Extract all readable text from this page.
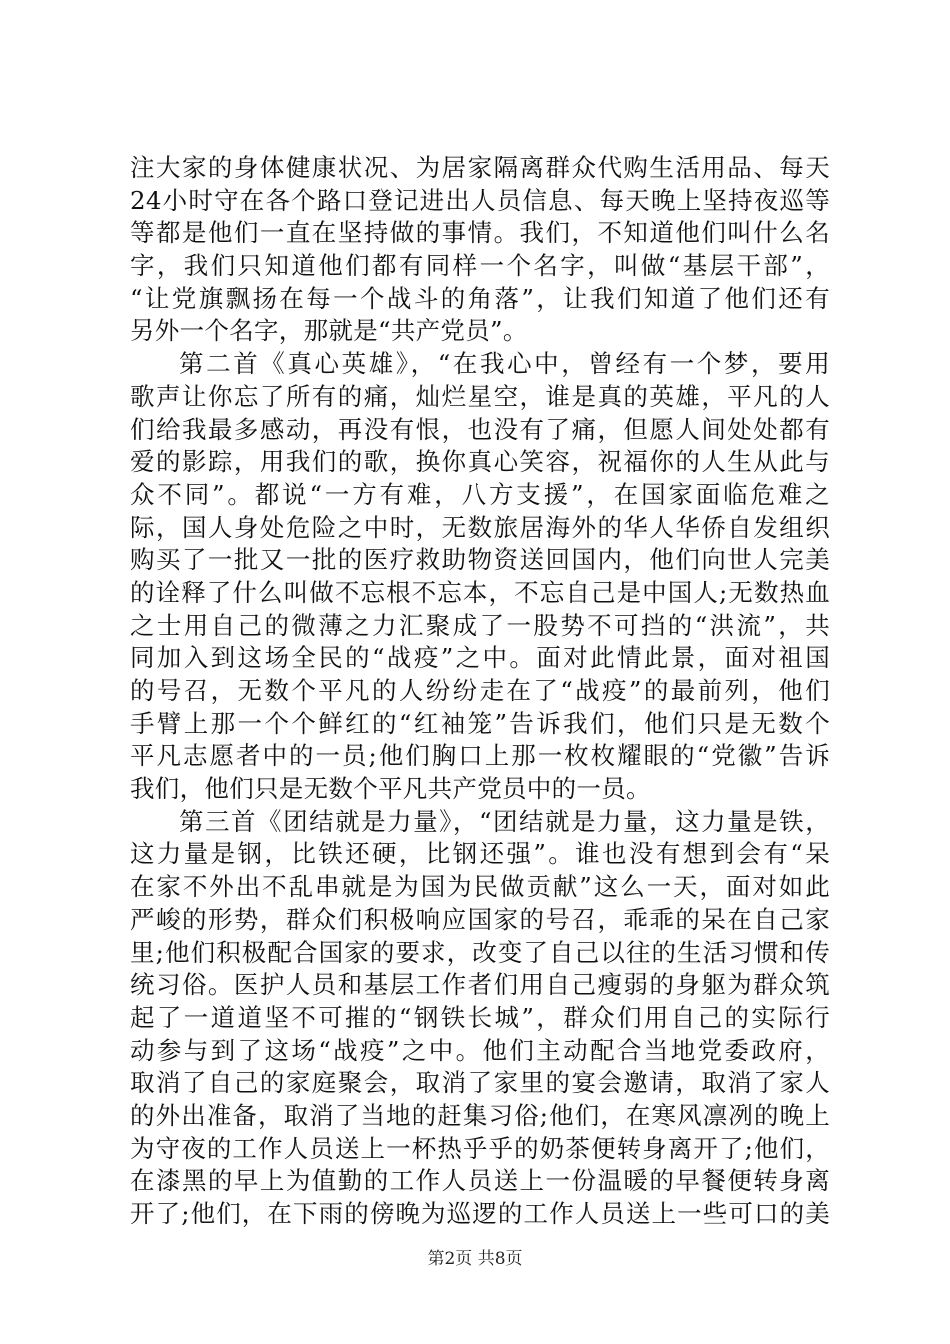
注大家的身体健康状况、为居家隔离群众代购生活用品、每天
24小时守在各个路口登记进出人员信息、每天晚上坚持夜巡等
等都是他们一直在坚持做的事情。我们，不知道他们叫什么名
字，我们只知道他们都有同样一个名字，叫做“基层干部”，
“让党旗飘扬在每一个战斗的角落”，让我们知道了他们还有
另外一个名字，那就是“共产党员”。
第二首《真心英雄》，“在我心中，曾经有一个梦，要用
歌声让你忘了所有的痛，灿烂星空，谁是真的英雄，平凡的人
们给我最多感动，再没有恨，也没有了痛，但愿人间处处都有
爱的影踪，用我们的歌，换你真心笑容，祝福你的人生从此与
众不同”。都说“一方有难，八方支援”，在国家面临危难之
际，国人身处危险之中时，无数旅居海外的华人华侨自发组织
购买了一批又一批的医疗救助物资送回国内，他们向世人完美
的诠释了什么叫做不忘根不忘本，不忘自己是中国人;无数热血
之士用自己的微薄之力汇聚成了一股势不可挡的“洪流”，共
同加入到这场全民的“战疫”之中。面对此情此景，面对祖国
的号召，无数个平凡的人纷纷走在了“战疫”的最前列，他们
手臂上那一个个鲜红的“红袖笼”告诉我们，他们只是无数个
平凡志愿者中的一员;他们胸口上那一枚枚耀眼的“党徽”告诉
我们，他们只是无数个平凡共产党员中的一员。
第三首《团结就是力量》，“团结就是力量，这力量是铁，
这力量是钢，比铁还硬，比钢还强”。谁也没有想到会有“呆
在家不外出不乱串就是为国为民做贡献”这么一天，面对如此
严峻的形势，群众们积极响应国家的号召，乖乖的呆在自己家
里;他们积极配合国家的要求，改变了自己以往的生活习惯和传
统习俗。医护人员和基层工作者们用自己瘦弱的身躯为群众筑
起了一道道坚不可摧的“钢铁长城”，群众们用自己的实际行
动参与到了这场“战疫”之中。他们主动配合当地党委政府，
取消了自己的家庭聚会，取消了家里的宴会邀请，取消了家人
的外出准备，取消了当地的赶集习俗;他们，在寒风凛冽的晚上
为守夜的工作人员送上一杯热乎乎的奶茶便转身离开了;他们，
在漆黑的早上为值勤的工作人员送上一份温暖的早餐便转身离
开了;他们，在下雨的傍晚为巡逻的工作人员送上一些可口的美
第2页 共8页
